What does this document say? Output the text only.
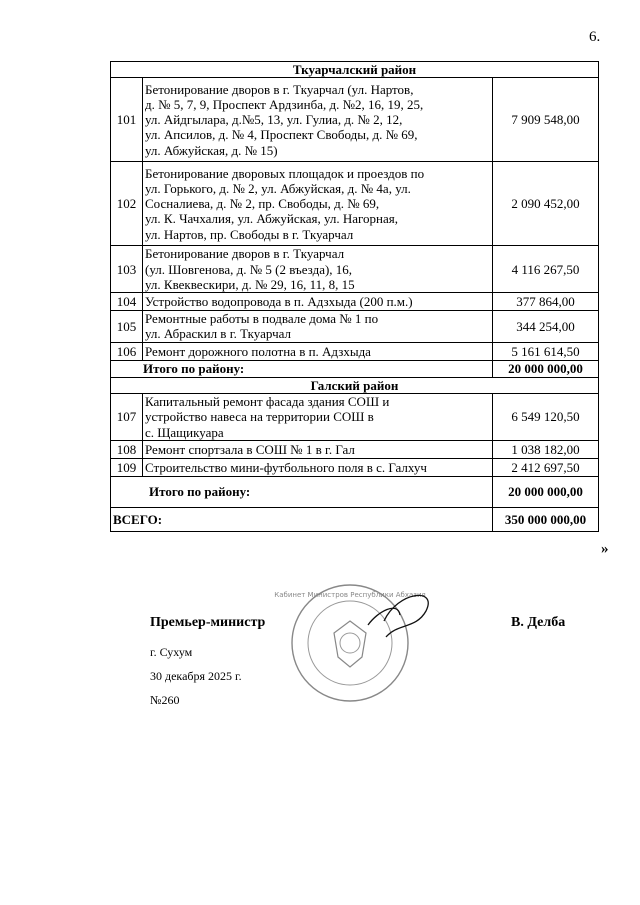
6.
Ткуарчалский район		
101	Бетонирование дворов в г. Ткуарчал (ул. Нартов,
д. № 5, 7, 9, Проспект Ардзинба, д. №2, 16, 19, 25,
ул. Айдгылара, д.№5, 13, ул. Гулиа, д. № 2, 12,
ул. Апсилов, д. № 4, Проспект Свободы, д. № 69,
ул. Абжуйская, д. № 15)	7 909 548,00
102	Бетонирование дворовых площадок и проездов по
ул. Горького, д. № 2, ул. Абжуйская, д. № 4а, ул.
Сосналиева, д. № 2, пр. Свободы, д. № 69,
ул. К. Чачхалия, ул. Абжуйская, ул. Нагорная,
ул. Нартов, пр. Свободы в г. Ткуарчал	2 090 452,00
103	Бетонирование дворов в г. Ткуарчал
(ул. Шовгенова, д. № 5 (2 въезда), 16,
ул. Квеквескири, д. № 29, 16, 11, 8, 15	4 116 267,50
104	Устройство водопровода в п. Адзхыда (200 п.м.)	377 864,00
105	Ремонтные работы в подвале дома № 1 по
ул. Абраскил в г. Ткуарчал	344 254,00
106	Ремонт дорожного полотна в п. Адзхыда	5 161 614,50
Итого по району:		20 000 000,00
Галский район		
107	Капитальный ремонт фасада здания СОШ и
устройство навеса на территории СОШ в
с. Щащикуара	6 549 120,50
108	Ремонт спортзала в СОШ № 1 в г. Гал	1 038 182,00
109	Строительство мини-футбольного поля в с. Галхуч	2 412 697,50
Итого по району:		20 000 000,00
ВСЕГО:		350 000 000,00
»
Премьер-министр	В. Делба
г. Сухум
30 декабря 2025 г.
№260
Кабинет Министров Республики Абхазия
